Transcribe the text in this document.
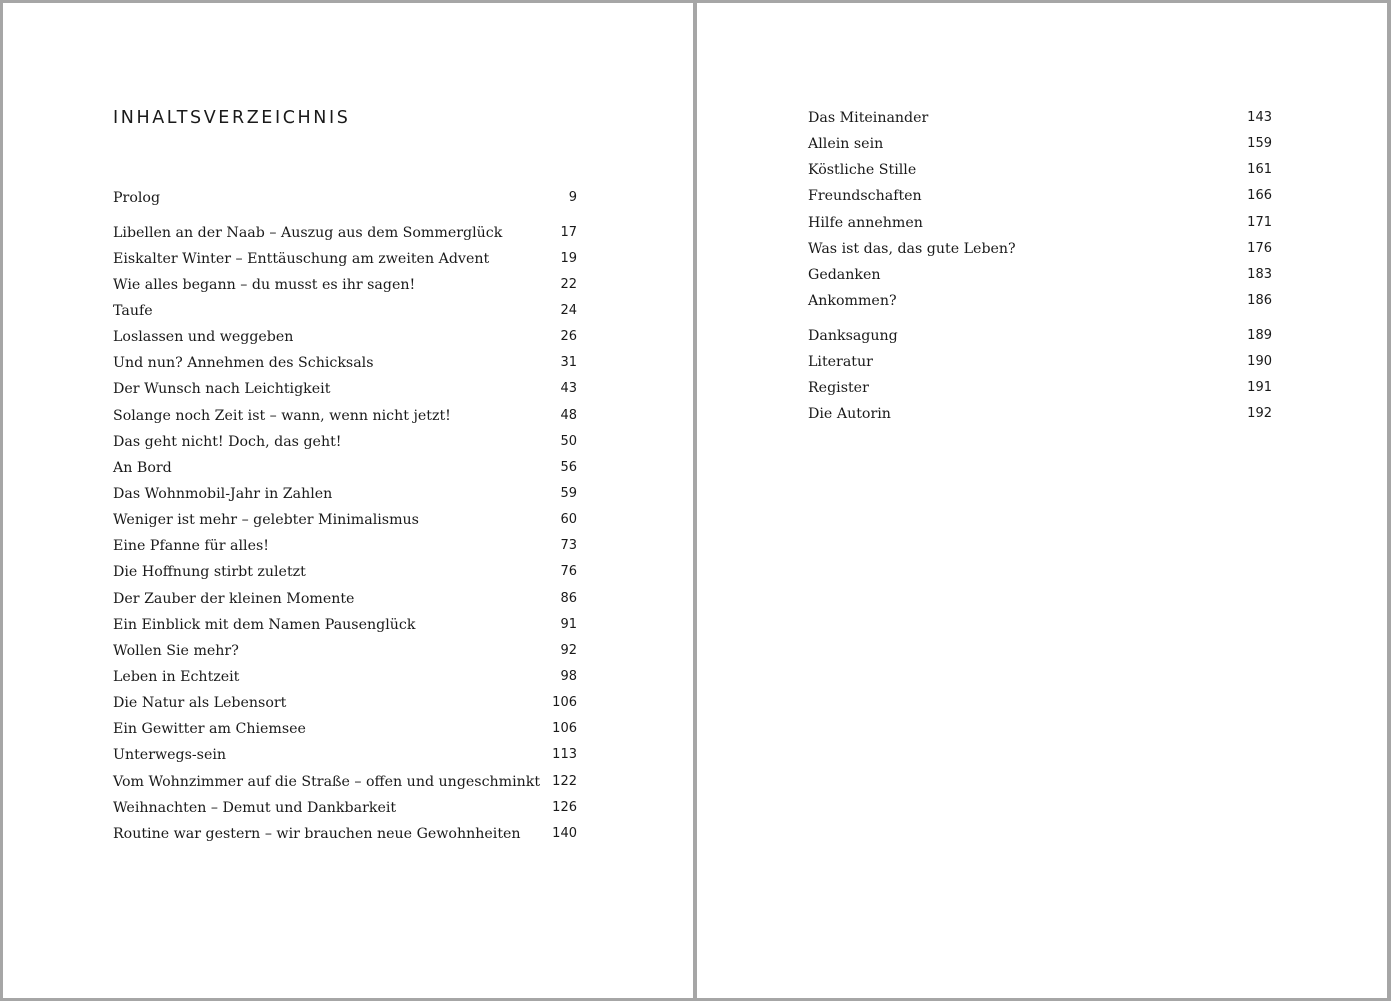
INHALTSVERZEICHNIS
Prolog	9
Libellen an der Naab – Auszug aus dem Sommerglück	17
Eiskalter Winter – Enttäuschung am zweiten Advent	19
Wie alles begann – du musst es ihr sagen!	22
Taufe	24
Loslassen und weggeben	26
Und nun? Annehmen des Schicksals	31
Der Wunsch nach Leichtigkeit	43
Solange noch Zeit ist – wann, wenn nicht jetzt!	48
Das geht nicht! Doch, das geht!	50
An Bord	56
Das Wohnmobil-Jahr in Zahlen	59
Weniger ist mehr – gelebter Minimalismus	60
Eine Pfanne für alles!	73
Die Hoffnung stirbt zuletzt	76
Der Zauber der kleinen Momente	86
Ein Einblick mit dem Namen Pausenglück	91
Wollen Sie mehr?	92
Leben in Echtzeit	98
Die Natur als Lebensort	106
Ein Gewitter am Chiemsee	106
Unterwegs-sein	113
Vom Wohnzimmer auf die Straße – offen und ungeschminkt 122
Weihnachten – Demut und Dankbarkeit	126
Routine war gestern – wir brauchen neue Gewohnheiten 140
Das Miteinander	143
Allein sein	159
Köstliche Stille	161
Freundschaften	166
Hilfe annehmen	171
Was ist das, das gute Leben?	176
Gedanken	183
Ankommen?	186
Danksagung	189
Literatur	190
Register	191
Die Autorin	192
